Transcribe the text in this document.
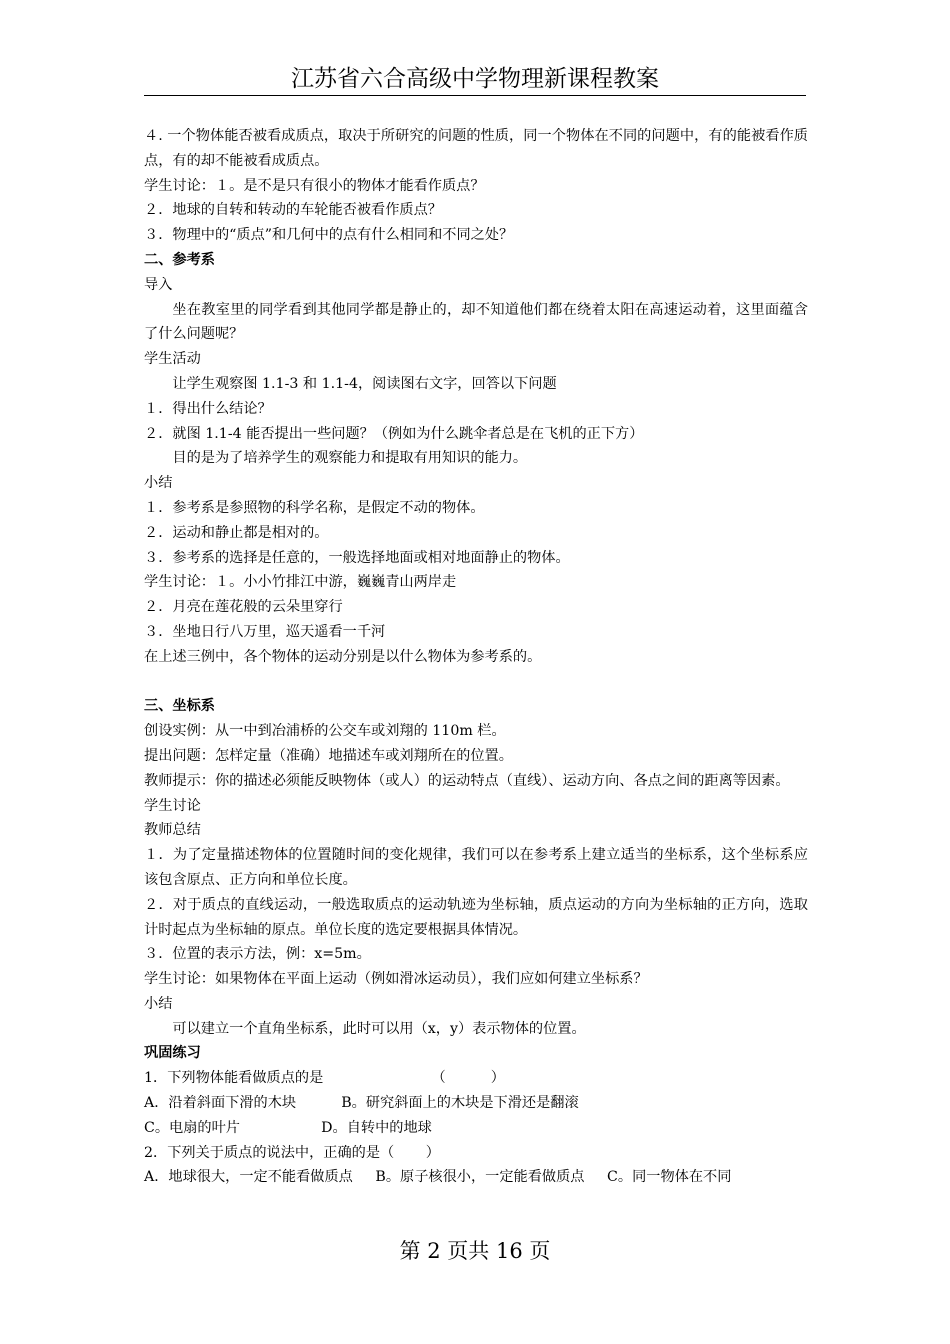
江苏省六合高级中学物理新课程教案

４. 一个物体能否被看成质点，取决于所研究的问题的性质，同一个物体在不同的问题中，有的能被看作质点，有的却不能被看成质点。

学生讨论：１。是不是只有很小的物体才能看作质点？

２．地球的自转和转动的车轮能否被看作质点？

３．物理中的“质点”和几何中的点有什么相同和不同之处？

二、参考系

导入

坐在教室里的同学看到其他同学都是静止的，却不知道他们都在绕着太阳在高速运动着，这里面蕴含了什么问题呢？

学生活动

让学生观察图 1.1-3 和 1.1-4，阅读图右文字，回答以下问题

１．得出什么结论？

２．就图 1.1-4 能否提出一些问题？（例如为什么跳伞者总是在飞机的正下方）

目的是为了培养学生的观察能力和提取有用知识的能力。

小结

１．参考系是参照物的科学名称，是假定不动的物体。

２．运动和静止都是相对的。

３．参考系的选择是任意的，一般选择地面或相对地面静止的物体。

学生讨论：１。小小竹排江中游，巍巍青山两岸走

２．月亮在莲花般的云朵里穿行

３．坐地日行八万里，巡天遥看一千河

在上述三例中，各个物体的运动分别是以什么物体为参考系的。

三、坐标系

创设实例：从一中到冶浦桥的公交车或刘翔的 110m 栏。

提出问题：怎样定量（准确）地描述车或刘翔所在的位置。

教师提示：你的描述必须能反映物体（或人）的运动特点（直线）、运动方向、各点之间的距离等因素。

学生讨论

教师总结

１．为了定量描述物体的位置随时间的变化规律，我们可以在参考系上建立适当的坐标系，这个坐标系应该包含原点、正方向和单位长度。

２．对于质点的直线运动，一般选取质点的运动轨迹为坐标轴，质点运动的方向为坐标轴的正方向，选取计时起点为坐标轴的原点。单位长度的选定要根据具体情况。

３．位置的表示方法，例：x=5m。

学生讨论：如果物体在平面上运动（例如滑冰运动员），我们应如何建立坐标系？

小结

可以建立一个直角坐标系，此时可以用（x，y）表示物体的位置。

巩固练习

1．下列物体能看做质点的是                        （          ）

A．沿着斜面下滑的木块          B。研究斜面上的木块是下滑还是翻滚

C。电扇的叶片                  D。自转中的地球

2．下列关于质点的说法中，正确的是（       ）

A．地球很大，一定不能看做质点     B。原子核很小，一定能看做质点     C。同一物体在不同

第 2 页共 16 页
